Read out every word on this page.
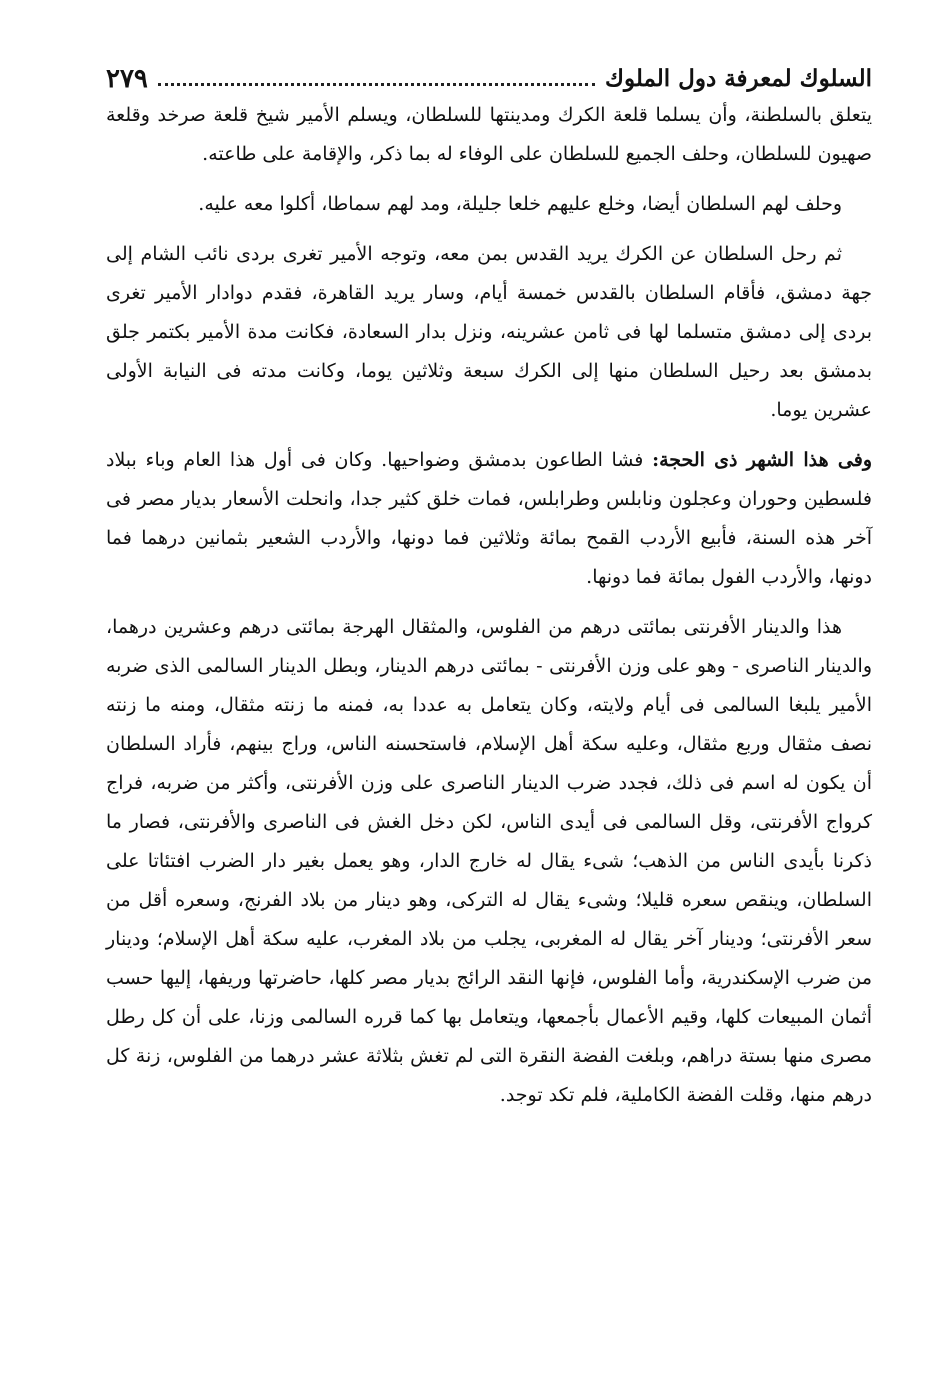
السلوك لمعرفة دول الملوك
٢٧٩

يتعلق بالسلطنة، وأن يسلما قلعة الكرك ومدينتها للسلطان، ويسلم الأمير شيخ قلعة صرخد وقلعة صهيون للسلطان، وحلف الجميع للسلطان على الوفاء له بما ذكر، والإقامة على طاعته.

وحلف لهم السلطان أيضا، وخلع عليهم خلعا جليلة، ومد لهم سماطا، أكلوا معه عليه.

ثم رحل السلطان عن الكرك يريد القدس بمن معه، وتوجه الأمير تغرى بردى نائب الشام إلى جهة دمشق، فأقام السلطان بالقدس خمسة أيام، وسار يريد القاهرة، فقدم دوادار الأمير تغرى بردى إلى دمشق متسلما لها فى ثامن عشرينه، ونزل بدار السعادة، فكانت مدة الأمير بكتمر جلق بدمشق بعد رحيل السلطان منها إلى الكرك سبعة وثلاثين يوما، وكانت مدته فى النيابة الأولى عشرين يوما.

وفى هذا الشهر ذى الحجة: فشا الطاعون بدمشق وضواحيها. وكان فى أول هذا العام وباء ببلاد فلسطين وحوران وعجلون ونابلس وطرابلس، فمات خلق كثير جدا، وانحلت الأسعار بديار مصر فى آخر هذه السنة، فأبيع الأردب القمح بمائة وثلاثين فما دونها، والأردب الشعير بثمانين درهما فما دونها، والأردب الفول بمائة فما دونها.

هذا والدينار الأفرنتى بمائتى درهم من الفلوس، والمثقال الهرجة بمائتى درهم وعشرين درهما، والدينار الناصرى - وهو على وزن الأفرنتى - بمائتى درهم الدينار، وبطل الدينار السالمى الذى ضربه الأمير يلبغا السالمى فى أيام ولايته، وكان يتعامل به عددا به، فمنه ما زنته مثقال، ومنه ما زنته نصف مثقال وربع مثقال، وعليه سكة أهل الإسلام، فاستحسنه الناس، وراج بينهم، فأراد السلطان أن يكون له اسم فى ذلك، فجدد ضرب الدينار الناصرى على وزن الأفرنتى، وأكثر من ضربه، فراج كرواج الأفرنتى، وقل السالمى فى أيدى الناس، لكن دخل الغش فى الناصرى والأفرنتى، فصار ما ذكرنا بأيدى الناس من الذهب؛ شىء يقال له خارج الدار، وهو يعمل بغير دار الضرب افتئاتا على السلطان، وينقص سعره قليلا؛ وشىء يقال له التركى، وهو دينار من بلاد الفرنج، وسعره أقل من سعر الأفرنتى؛ ودينار آخر يقال له المغربى، يجلب من بلاد المغرب، عليه سكة أهل الإسلام؛ ودينار من ضرب الإسكندرية، وأما الفلوس، فإنها النقد الرائج بديار مصر كلها، حاضرتها وريفها، إليها حسب أثمان المبيعات كلها، وقيم الأعمال بأجمعها، ويتعامل بها كما قرره السالمى وزنا، على أن كل رطل مصرى منها بستة دراهم، وبلغت الفضة النقرة التى لم تغش بثلاثة عشر درهما من الفلوس، زنة كل درهم منها، وقلت الفضة الكاملية، فلم تكد توجد.
